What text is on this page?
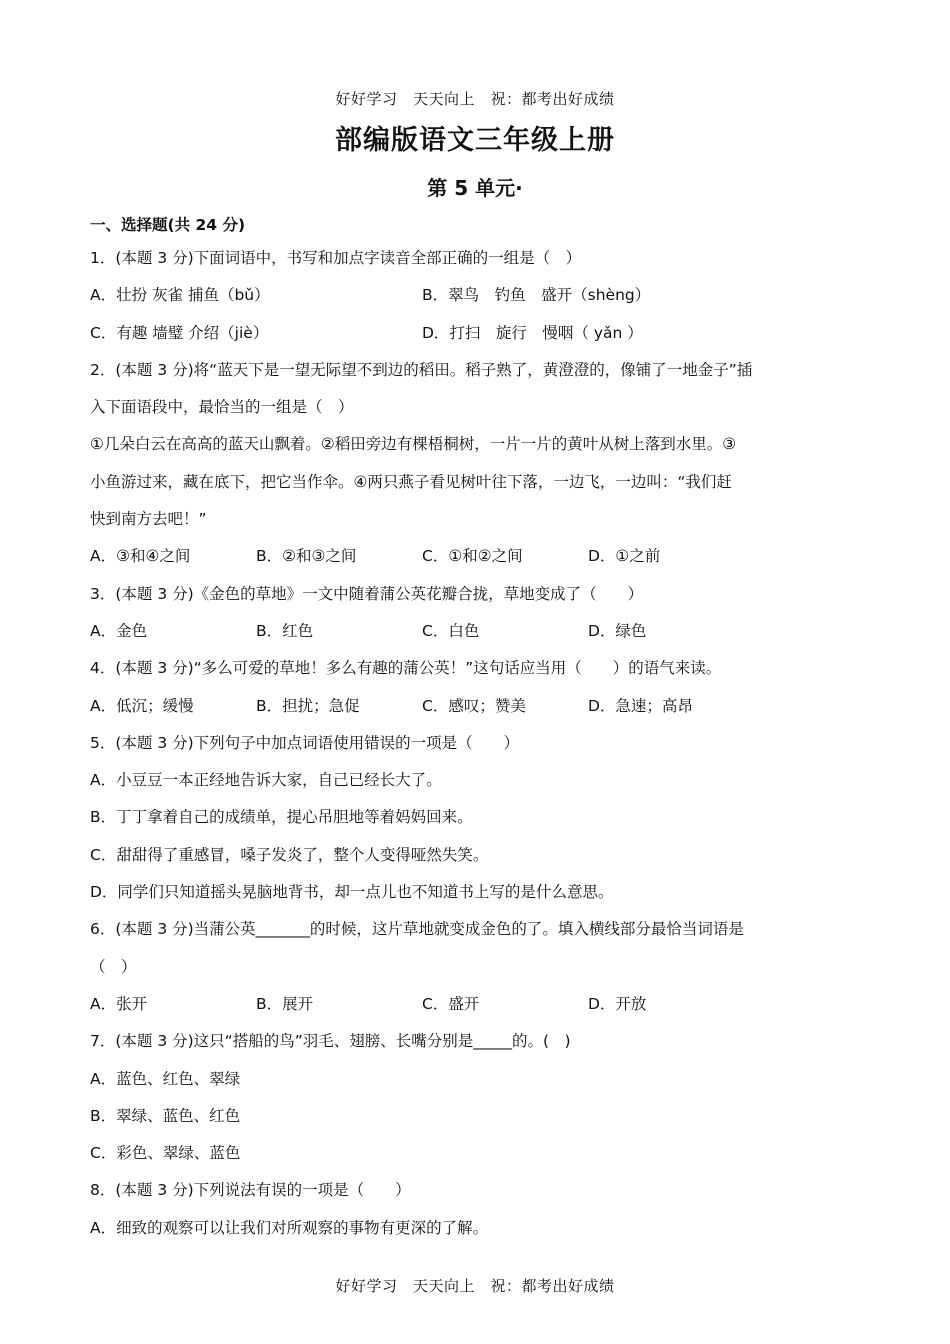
好好学习　天天向上　祝：都考出好成绩
部编版语文三年级上册
第 5 单元·
一、选择题(共 24 分)
1．(本题 3 分)下面词语中，书写和加点字读音全部正确的一组是（　）
A．壮扮 灰雀 捕鱼（bǔ）	B．翠鸟　钓鱼　盛开（shèng）
C．有趣 墙璧 介绍（jiè）	D．打扫　旋行　慢咽（ yǎn ）
2．(本题 3 分)将“蓝天下是一望无际望不到边的稻田。稻子熟了，黄澄澄的，像铺了一地金子”插
入下面语段中，最恰当的一组是（　）
①几朵白云在高高的蓝天山飘着。②稻田旁边有棵梧桐树，一片一片的黄叶从树上落到水里。③
小鱼游过来，藏在底下，把它当作伞。④两只燕子看见树叶往下落，一边飞，一边叫：“我们赶
快到南方去吧！”
A．③和④之间	B．②和③之间	C．①和②之间	D．①之前
3．(本题 3 分)《金色的草地》一文中随着蒲公英花瓣合拢，草地变成了（　　）
A．金色	B．红色	C．白色	D．绿色
4．(本题 3 分)“多么可爱的草地！多么有趣的蒲公英！”这句话应当用（　　）的语气来读。
A．低沉；缓慢	B．担扰；急促	C．感叹；赞美	D．急速；高昂
5．(本题 3 分)下列句子中加点词语使用错误的一项是（　　）
A．小豆豆一本正经地告诉大家，自己已经长大了。
B．丁丁拿着自己的成绩单，提心吊胆地等着妈妈回来。
C．甜甜得了重感冒，嗓子发炎了，整个人变得哑然失笑。
D．同学们只知道摇头晃脑地背书，却一点儿也不知道书上写的是什么意思。
6．(本题 3 分)当蒲公英_______的时候，这片草地就变成金色的了。填入横线部分最恰当词语是
（　）
A．张开	B．展开	C．盛开	D．开放
7．(本题 3 分)这只“搭船的鸟”羽毛、翅膀、长嘴分别是_____的。(　)
A．蓝色、红色、翠绿
B．翠绿、蓝色、红色
C．彩色、翠绿、蓝色
8．(本题 3 分)下列说法有误的一项是（　　）
A．细致的观察可以让我们对所观察的事物有更深的了解。
好好学习　天天向上　祝：都考出好成绩
